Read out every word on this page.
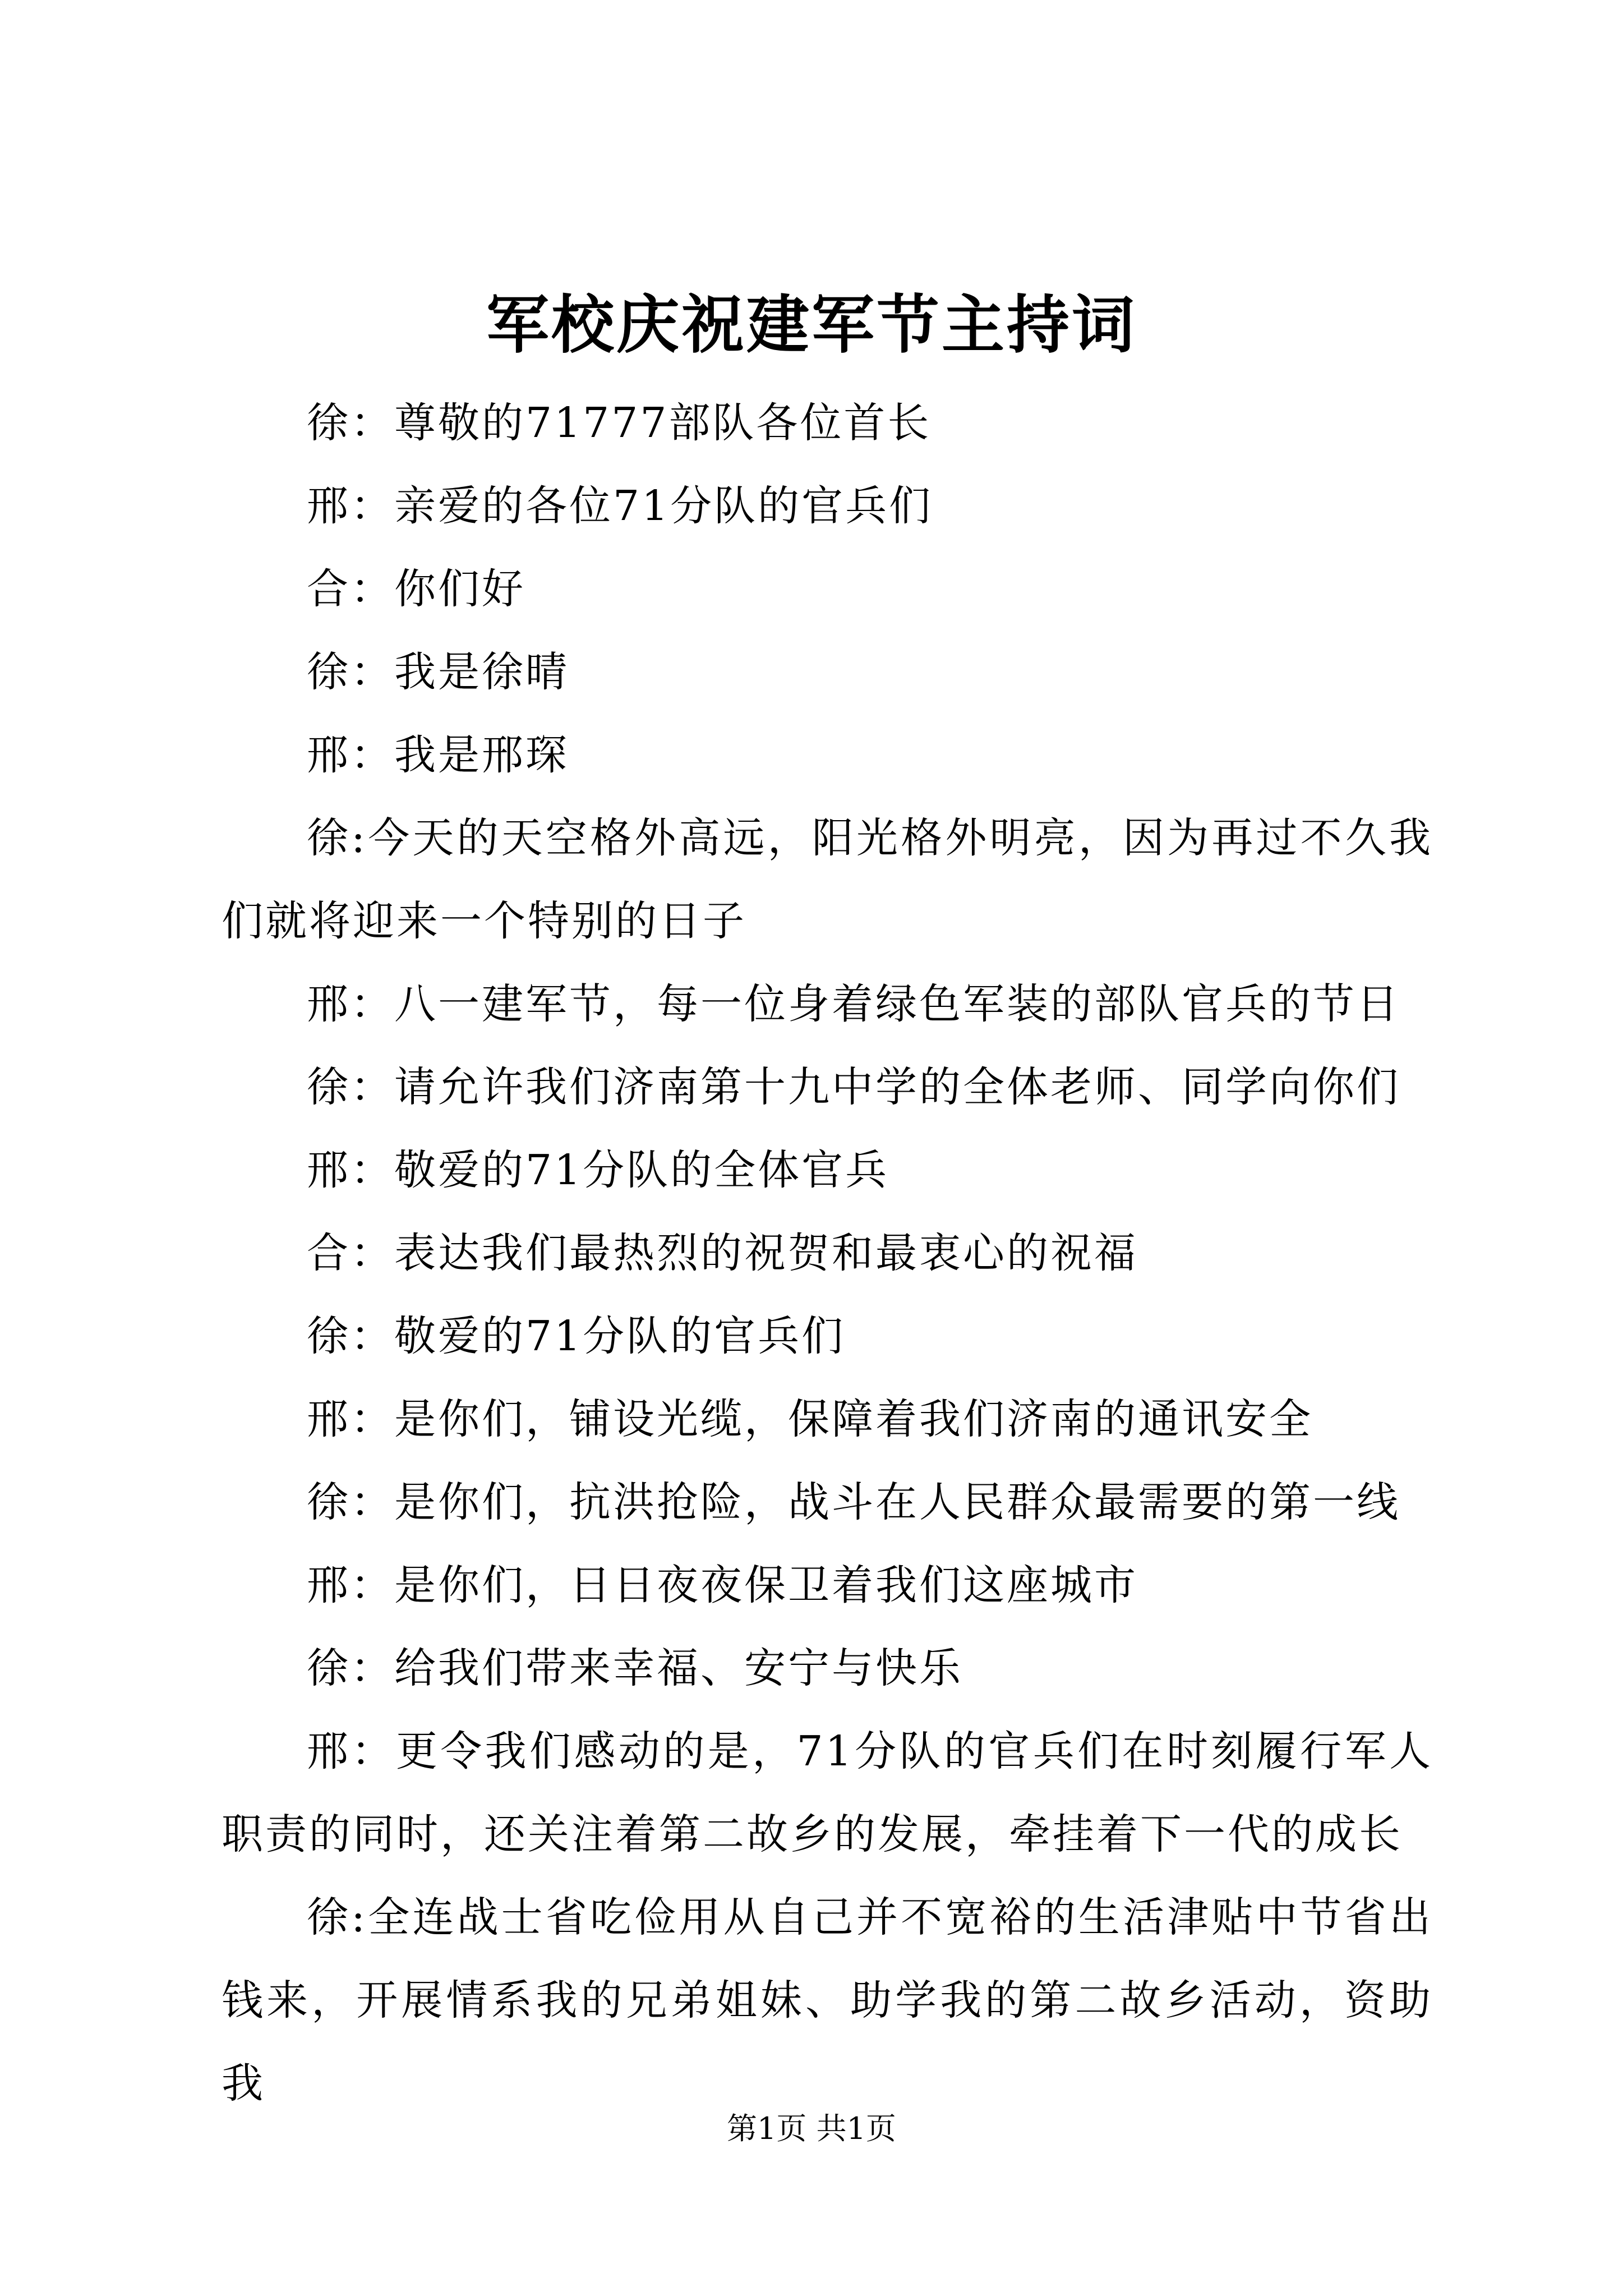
军校庆祝建军节主持词

徐：尊敬的71777部队各位首长

邢：亲爱的各位71分队的官兵们

合：你们好

徐：我是徐晴

邢：我是邢琛

徐:今天的天空格外高远，阳光格外明亮，因为再过不久我们就将迎来一个特别的日子

邢：八一建军节，每一位身着绿色军装的部队官兵的节日

徐：请允许我们济南第十九中学的全体老师、同学向你们

邢：敬爱的71分队的全体官兵

合：表达我们最热烈的祝贺和最衷心的祝福

徐：敬爱的71分队的官兵们

邢：是你们，铺设光缆，保障着我们济南的通讯安全

徐：是你们，抗洪抢险，战斗在人民群众最需要的第一线

邢：是你们，日日夜夜保卫着我们这座城市

徐：给我们带来幸福、安宁与快乐

邢：更令我们感动的是，71分队的官兵们在时刻履行军人职责的同时，还关注着第二故乡的发展，牵挂着下一代的成长

徐:全连战士省吃俭用从自己并不宽裕的生活津贴中节省出钱来，开展情系我的兄弟姐妹、助学我的第二故乡活动，资助我

第1页 共1页
